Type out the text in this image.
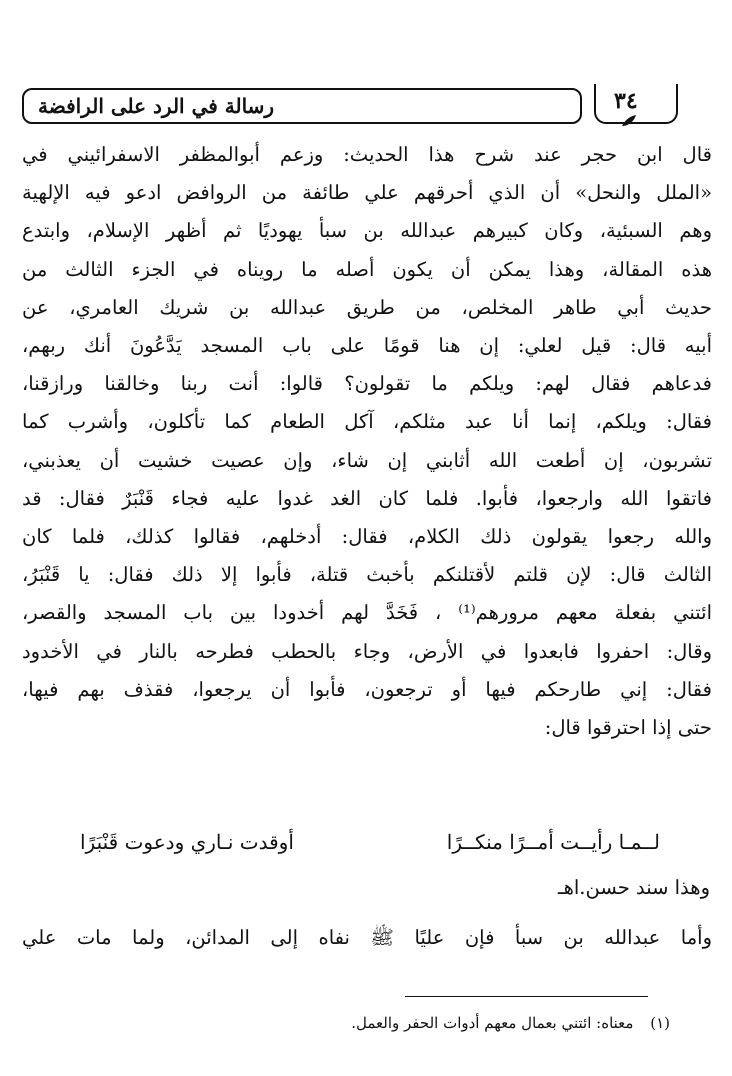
رسالة في الرد على الرافضة	٣٤

قال ابن حجر عند شرح هذا الحديث: وزعم أبوالمظفر الاسفرائيني في

«الملل والنحل» أن الذي أحرقهم علي طائفة من الروافض ادعو فيه الإلهية

وهم السبئية، وكان كبيرهم عبدالله بن سبأ يهوديًا ثم أظهر الإسلام، وابتدع

هذه المقالة، وهذا يمكن أن يكون أصله ما رويناه في الجزء الثالث من

حديث أبي طاهر المخلص، من طريق عبدالله بن شريك العامري، عن

أبيه قال: قيل لعلي: إن هنا قومًا على باب المسجد يَدَّعُونَ أنك ربهم،

فدعاهم فقال لهم: ويلكم ما تقولون؟ قالوا: أنت ربنا وخالقنا ورازقنا،

فقال: ويلكم، إنما أنا عبد مثلكم، آكل الطعام كما تأكلون، وأشرب كما

تشربون، إن أطعت الله أثابني إن شاء، وإن عصيت خشيت أن يعذبني،

فاتقوا الله وارجعوا، فأبوا. فلما كان الغد غدوا عليه فجاء قَنْبَرٌ فقال: قد

والله رجعوا يقولون ذلك الكلام، فقال: أدخلهم، فقالوا كذلك، فلما كان

الثالث قال: لإن قلتم لأقتلنكم بأخبث قتلة، فأبوا إلا ذلك فقال: يا قَنْبَرُ،

ائتني بفعلة معهم مرورهم⁽¹⁾ ، فَخَدَّ لهم أخدودا بين باب المسجد والقصر،

وقال: احفروا فابعدوا في الأرض، وجاء بالحطب فطرحه بالنار في الأخدود

فقال: إني طارحكم فيها أو ترجعون، فأبوا أن يرجعوا، فقذف بهم فيها،

حتى إذا احترقوا قال:

لــمـا رأيــت أمــرًا منكــرًا
أوقدت نـاري ودعوت قَنْبَرًا
وهذا سند حسن.اهـ
وأما عبدالله بن سبأ فإن عليًا ﷺ نفاه إلى المدائن، ولما مات علي
(١) معناه: ائتني بعمال معهم أدوات الحفر والعمل.
